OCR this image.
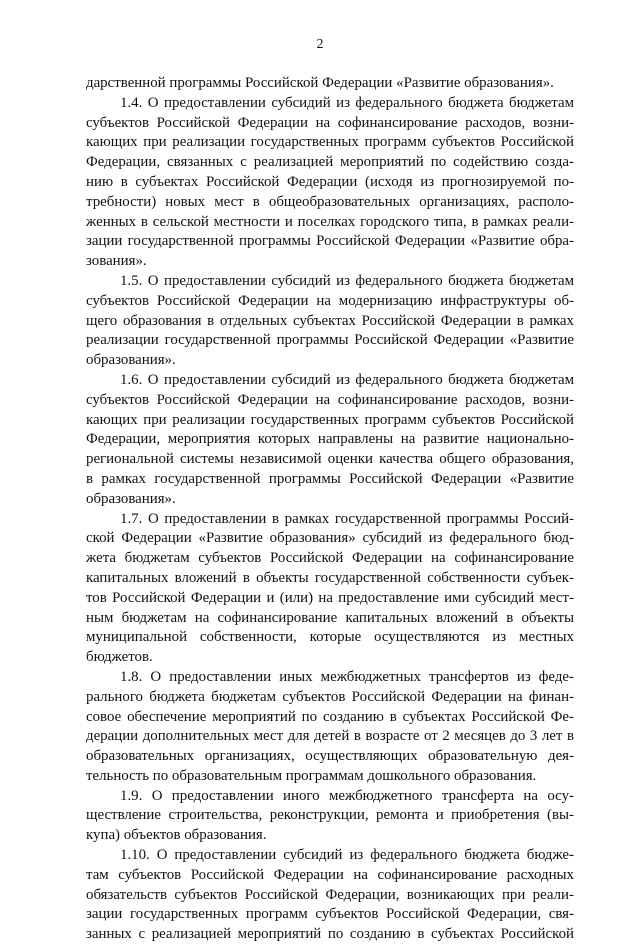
2
дарственной программы Российской Федерации «Развитие образования».
1.4. О предоставлении субсидий из федерального бюджета бюджетам
субъектов Российской Федерации на софинансирование расходов, возни-
кающих при реализации государственных программ субъектов Российской
Федерации, связанных с реализацией мероприятий по содействию созда-
нию в субъектах Российской Федерации (исходя из прогнозируемой по-
требности) новых мест в общеобразовательных организациях, располо-
женных в сельской местности и поселках городского типа, в рамках реали-
зации государственной программы Российской Федерации «Развитие обра-
зования».
1.5. О предоставлении субсидий из федерального бюджета бюджетам
субъектов Российской Федерации на модернизацию инфраструктуры об-
щего образования в отдельных субъектах Российской Федерации в рамках
реализации государственной программы Российской Федерации «Развитие
образования».
1.6. О предоставлении субсидий из федерального бюджета бюджетам
субъектов Российской Федерации на софинансирование расходов, возни-
кающих при реализации государственных программ субъектов Российской
Федерации, мероприятия которых направлены на развитие национально-
региональной системы независимой оценки качества общего образования,
в рамках государственной программы Российской Федерации «Развитие
образования».
1.7. О предоставлении в рамках государственной программы Россий-
ской Федерации «Развитие образования» субсидий из федерального бюд-
жета бюджетам субъектов Российской Федерации на софинансирование
капитальных вложений в объекты государственной собственности субъек-
тов Российской Федерации и (или) на предоставление ими субсидий мест-
ным бюджетам на софинансирование капитальных вложений в объекты
муниципальной собственности, которые осуществляются из местных
бюджетов.
1.8. О предоставлении иных межбюджетных трансфертов из феде-
рального бюджета бюджетам субъектов Российской Федерации на финан-
совое обеспечение мероприятий по созданию в субъектах Российской Фе-
дерации дополнительных мест для детей в возрасте от 2 месяцев до 3 лет в
образовательных организациях, осуществляющих образовательную дея-
тельность по образовательным программам дошкольного образования.
1.9. О предоставлении иного межбюджетного трансферта на осу-
ществление строительства, реконструкции, ремонта и приобретения (вы-
купа) объектов образования.
1.10. О предоставлении субсидий из федерального бюджета бюдже-
там субъектов Российской Федерации на софинансирование расходных
обязательств субъектов Российской Федерации, возникающих при реали-
зации государственных программ субъектов Российской Федерации, свя-
занных с реализацией мероприятий по созданию в субъектах Российской
